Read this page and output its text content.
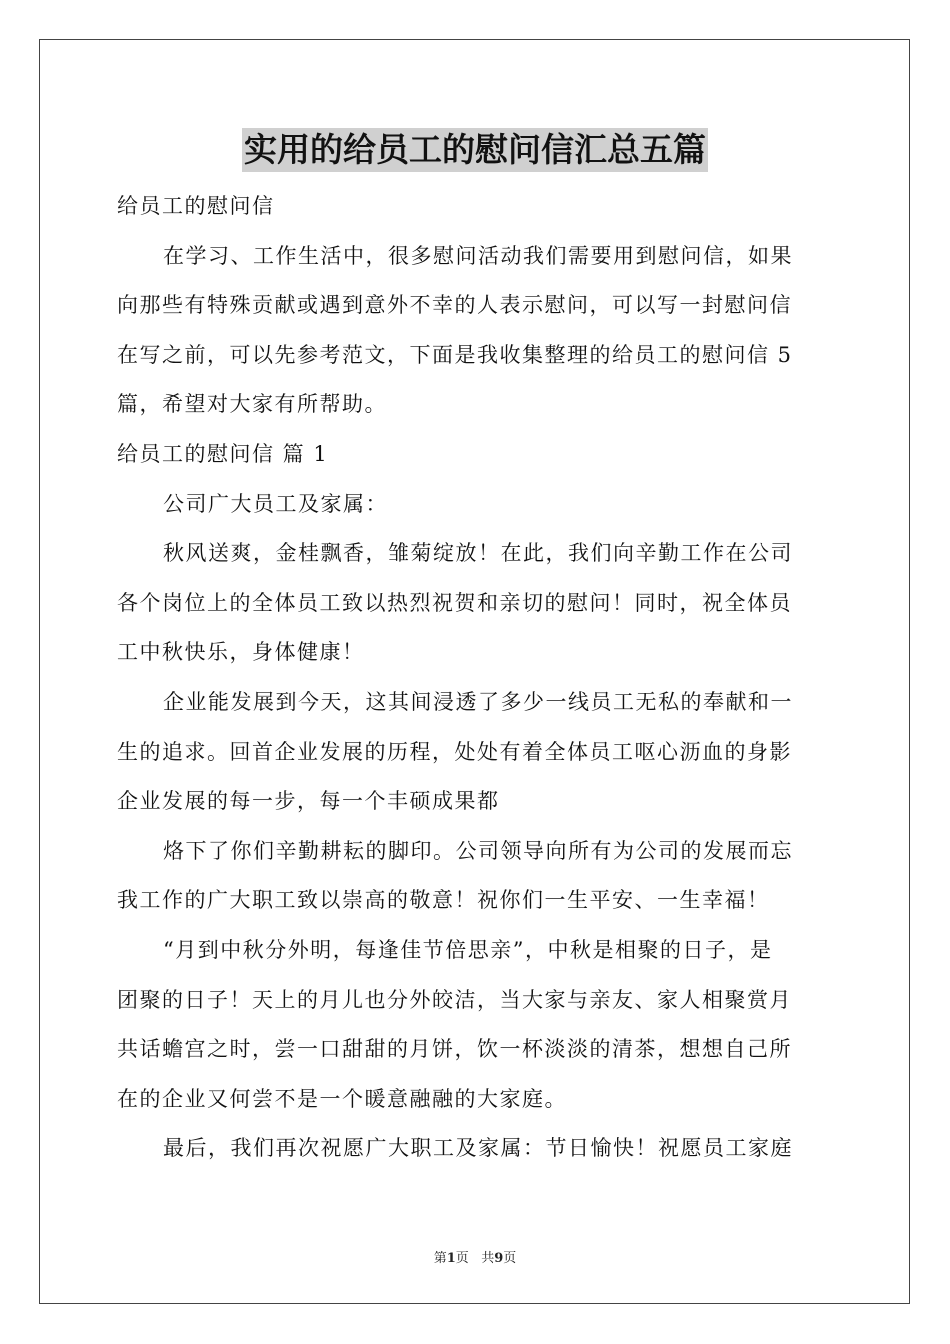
实用的给员工的慰问信汇总五篇
给员工的慰问信
在学习、工作生活中，很多慰问活动我们需要用到慰问信，如果
向那些有特殊贡献或遇到意外不幸的人表示慰问，可以写一封慰问信
在写之前，可以先参考范文，下面是我收集整理的给员工的慰问信 5
篇，希望对大家有所帮助。
给员工的慰问信 篇 1
公司广大员工及家属：
秋风送爽，金桂飘香，雏菊绽放！在此，我们向辛勤工作在公司
各个岗位上的全体员工致以热烈祝贺和亲切的慰问！同时，祝全体员
工中秋快乐，身体健康！
企业能发展到今天，这其间浸透了多少一线员工无私的奉献和一
生的追求。回首企业发展的历程，处处有着全体员工呕心沥血的身影
企业发展的每一步，每一个丰硕成果都
烙下了你们辛勤耕耘的脚印。公司领导向所有为公司的发展而忘
我工作的广大职工致以崇高的敬意！祝你们一生平安、一生幸福！
“月到中秋分外明，每逢佳节倍思亲”，中秋是相聚的日子，是
团聚的日子！天上的月儿也分外皎洁，当大家与亲友、家人相聚赏月
共话蟾宫之时，尝一口甜甜的月饼，饮一杯淡淡的清茶，想想自己所
在的企业又何尝不是一个暖意融融的大家庭。
最后，我们再次祝愿广大职工及家属：节日愉快！祝愿员工家庭
第1页 共9页
